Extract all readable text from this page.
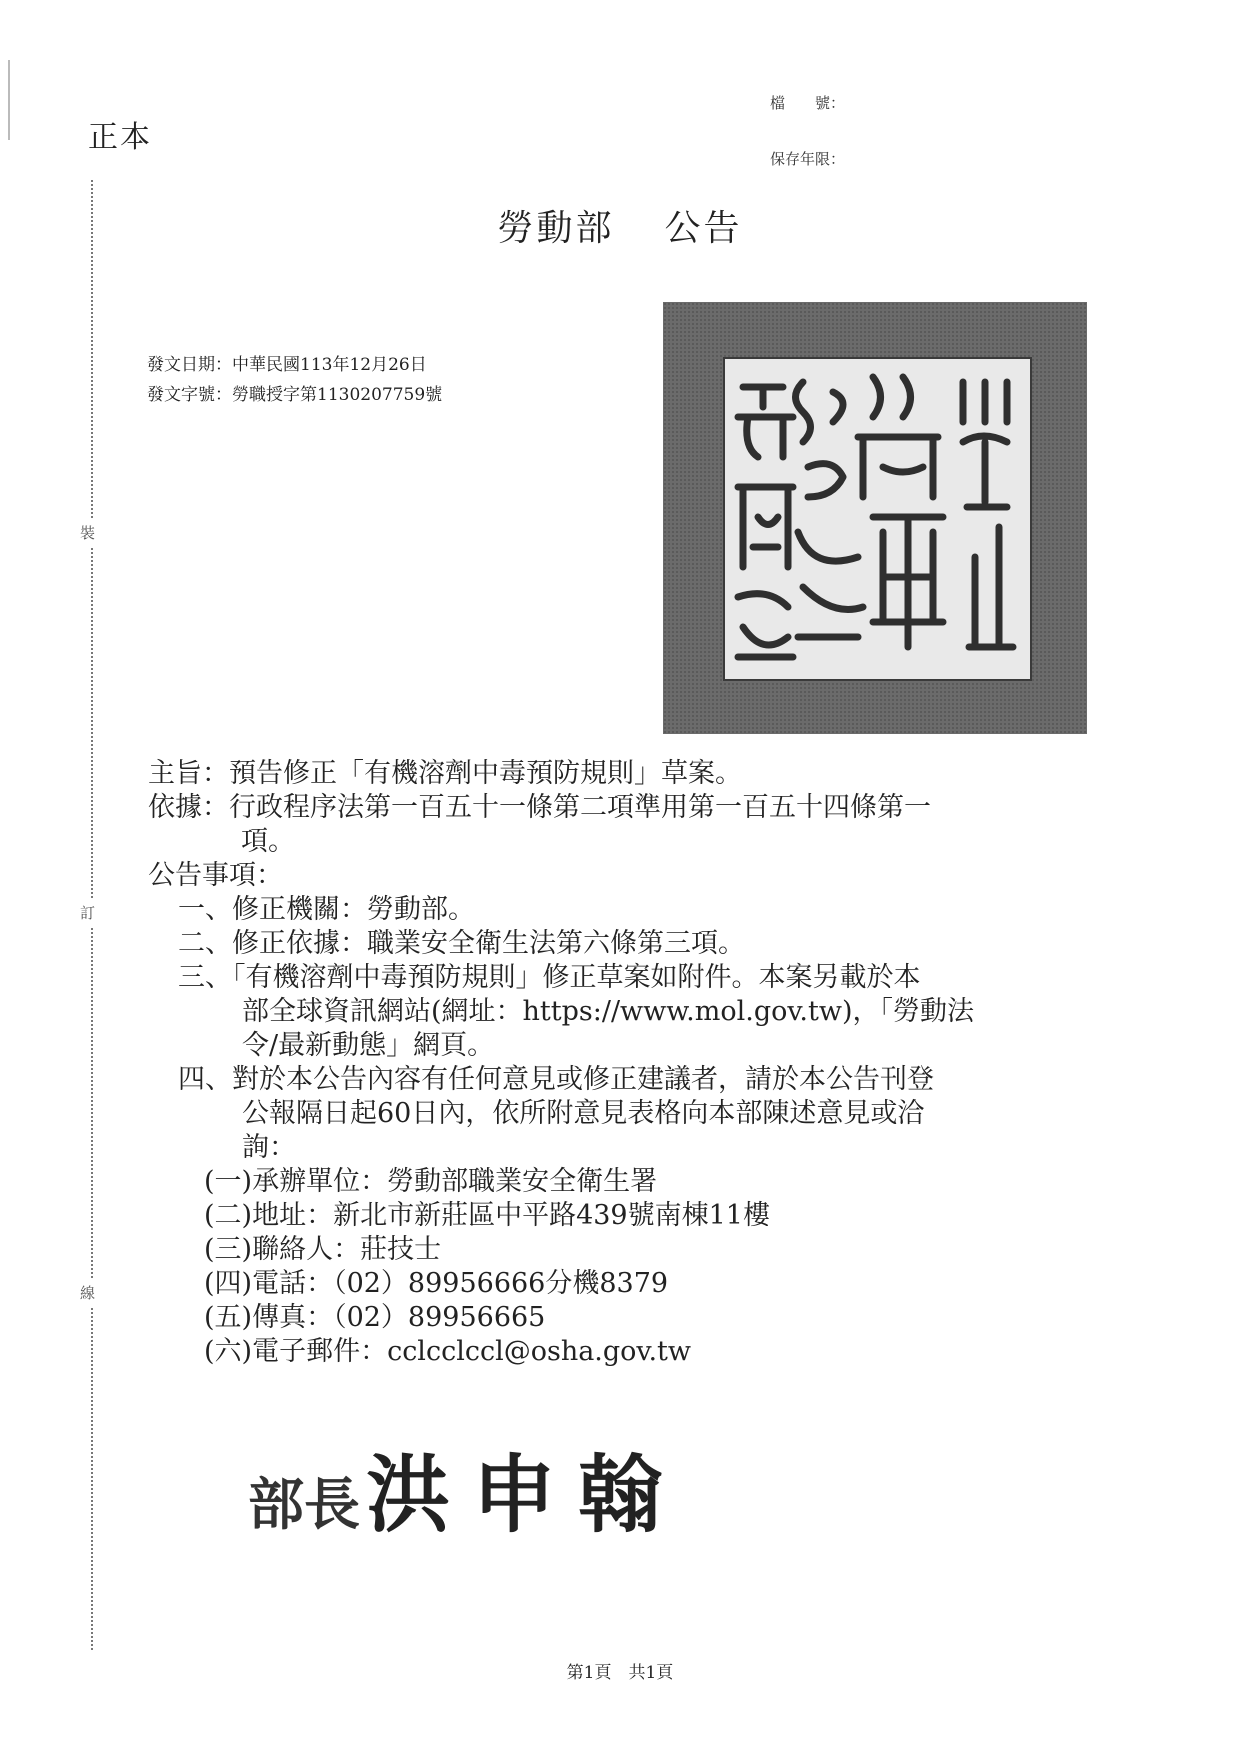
正本
檔　　號：
保存年限：
裝
訂
線
勞動部 公告
發文日期：中華民國113年12月26日
發文字號：勞職授字第1130207759號
主旨：預告修正「有機溶劑中毒預防規則」草案。
依據：行政程序法第一百五十一條第二項準用第一百五十四條第一
項。
公告事項：
一、修正機關：勞動部。
二、修正依據：職業安全衛生法第六條第三項。
三、「有機溶劑中毒預防規則」修正草案如附件。本案另載於本
部全球資訊網站(網址：https://www.mol.gov.tw)，「勞動法
令/最新動態」網頁。
四、對於本公告內容有任何意見或修正建議者，請於本公告刊登
公報隔日起60日內，依所附意見表格向本部陳述意見或洽
詢：
(一)承辦單位：勞動部職業安全衛生署
(二)地址：新北市新莊區中平路439號南棟11樓
(三)聯絡人：莊技士
(四)電話：（02）89956666分機8379
(五)傳真：（02）89956665
(六)電子郵件：cclcclccl@osha.gov.tw
部長洪申翰
第1頁　共1頁
